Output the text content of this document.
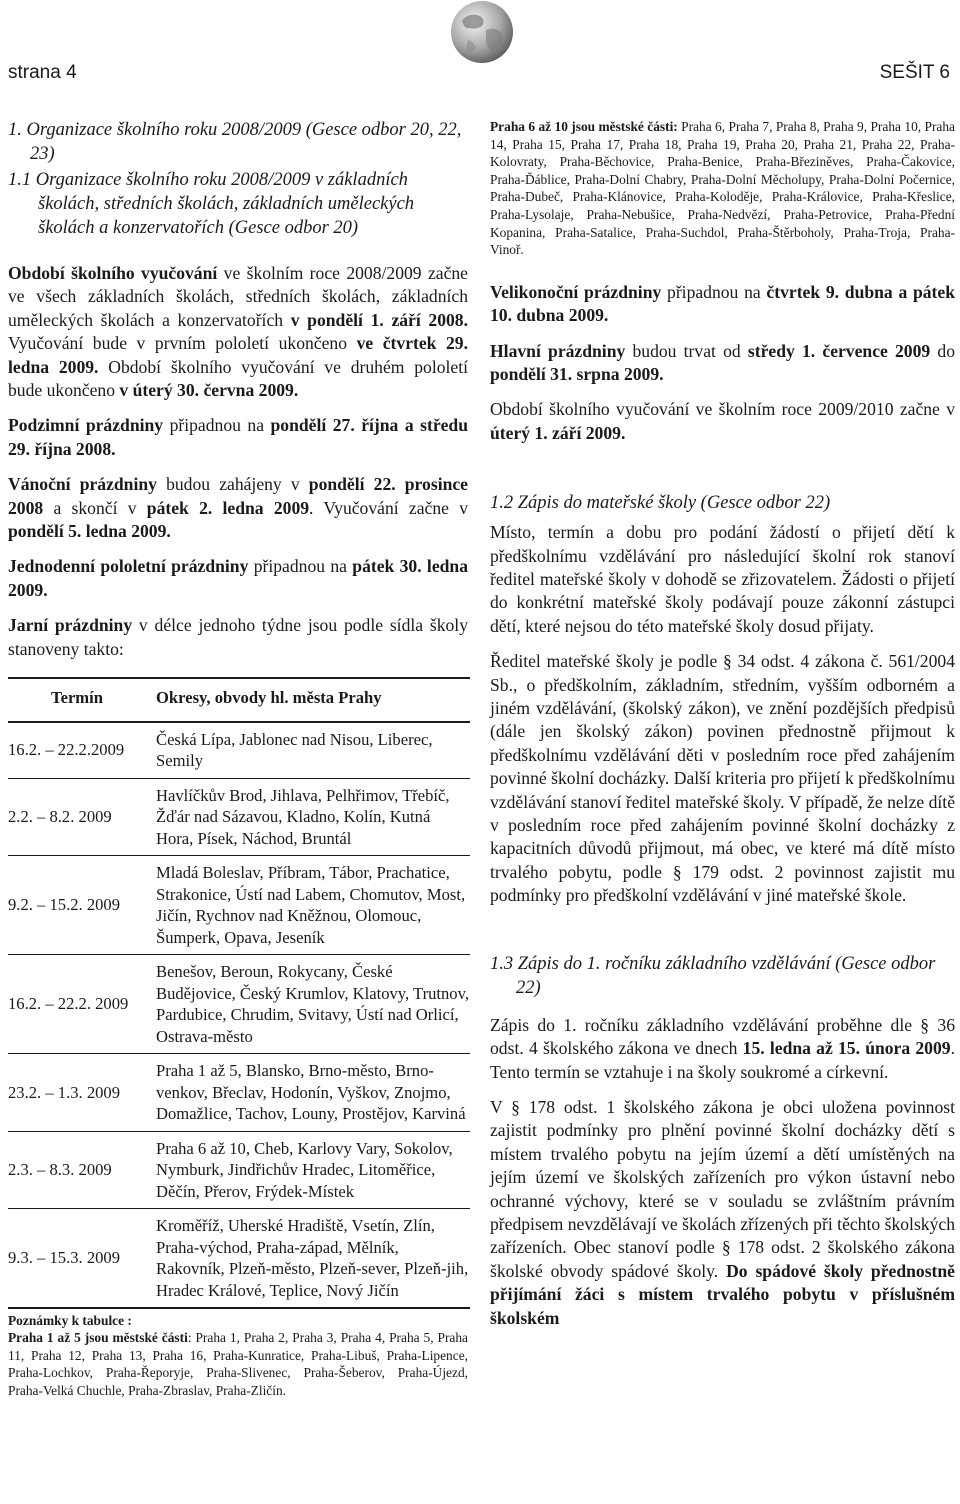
strana 4	SEŠIT 6

1. Organizace školního roku 2008/2009 (Gesce odbor 20, 22, 23)

1.1 Organizace školního roku 2008/2009 v základních školách, středních školách, základních uměleckých školách a konzervatořích (Gesce odbor 20)

Období školního vyučování ve školním roce 2008/2009 začne ve všech základních školách, středních školách, základních uměleckých školách a konzervatořích v pondělí 1. září 2008. Vyučování bude v prvním pololetí ukončeno ve čtvrtek 29. ledna 2009. Období školního vyučování ve druhém pololetí bude ukončeno v úterý 30. června 2009.

Podzimní prázdniny připadnou na pondělí 27. října a středu 29. října 2008.

Vánoční prázdniny budou zahájeny v pondělí 22. prosince 2008 a skončí v pátek 2. ledna 2009. Vyučování začne v pondělí 5. ledna 2009.

Jednodenní pololetní prázdniny připadnou na pátek 30. ledna 2009.

Jarní prázdniny v délce jednoho týdne jsou podle sídla školy stanoveny takto:

Termín	Okresy, obvody hl. města Prahy
16.2. – 22.2.2009	Česká Lípa, Jablonec nad Nisou, Liberec, Semily
2.2. – 8.2. 2009	Havlíčkův Brod, Jihlava, Pelhřimov, Třebíč, Žďár nad Sázavou, Kladno, Kolín, Kutná Hora, Písek, Náchod, Bruntál
9.2. – 15.2. 2009	Mladá Boleslav, Příbram, Tábor, Prachatice, Strakonice, Ústí nad Labem, Chomutov, Most, Jičín, Rychnov nad Kněžnou, Olomouc, Šumperk, Opava, Jeseník
16.2. – 22.2. 2009	Benešov, Beroun, Rokycany, České Budějovice, Český Krumlov, Klatovy, Trutnov, Pardubice, Chrudim, Svitavy, Ústí nad Orlicí, Ostrava-město
23.2. – 1.3. 2009	Praha 1 až 5, Blansko, Brno-město, Brno-venkov, Břeclav, Hodonín, Vyškov, Znojmo, Domažlice, Tachov, Louny, Prostějov, Karviná
2.3. – 8.3. 2009	Praha 6 až 10, Cheb, Karlovy Vary, Sokolov, Nymburk, Jindřichův Hradec, Litoměřice, Děčín, Přerov, Frýdek-Místek
9.3. – 15.3. 2009	Kroměříž, Uherské Hradiště, Vsetín, Zlín, Praha-východ, Praha-západ, Mělník, Rakovník, Plzeň-město, Plzeň-sever, Plzeň-jih, Hradec Králové, Teplice, Nový Jičín

Poznámky k tabulce :

Praha 1 až 5 jsou městské části: Praha 1, Praha 2, Praha 3, Praha 4, Praha 5, Praha 11, Praha 12, Praha 13, Praha 16, Praha-Kunratice, Praha-Libuš, Praha-Lipence, Praha-Lochkov, Praha-Řeporyje, Praha-Slivenec, Praha-Šeberov, Praha-Újezd, Praha-Velká Chuchle, Praha-Zbraslav, Praha-Zličín.

Praha 6 až 10 jsou městské části: Praha 6, Praha 7, Praha 8, Praha 9, Praha 10, Praha 14, Praha 15, Praha 17, Praha 18, Praha 19, Praha 20, Praha 21, Praha 22, Praha-Kolovraty, Praha-Běchovice, Praha-Benice, Praha-Březiněves, Praha-Čakovice, Praha-Ďáblice, Praha-Dolní Chabry, Praha-Dolní Měcholupy, Praha-Dolní Počernice, Praha-Dubeč, Praha-Klánovice, Praha-Koloděje, Praha-Královice, Praha-Křeslice, Praha-Lysolaje, Praha-Nebušice, Praha-Nedvězí, Praha-Petrovice, Praha-Přední Kopanina, Praha-Satalice, Praha-Suchdol, Praha-Štěrboholy, Praha-Troja, Praha-Vinoř.

Velikonoční prázdniny připadnou na čtvrtek 9. dubna a pátek 10. dubna 2009.

Hlavní prázdniny budou trvat od středy 1. července 2009 do pondělí 31. srpna 2009.

Období školního vyučování ve školním roce 2009/2010 začne v úterý 1. září 2009.

1.2 Zápis do mateřské školy (Gesce odbor 22)

Místo, termín a dobu pro podání žádostí o přijetí dětí k předškolnímu vzdělávání pro následující školní rok stanoví ředitel mateřské školy v dohodě se zřizovatelem. Žádosti o přijetí do konkrétní mateřské školy podávají pouze zákonní zástupci dětí, které nejsou do této mateřské školy dosud přijaty.

Ředitel mateřské školy je podle § 34 odst. 4 zákona č. 561/2004 Sb., o předškolním, základním, středním, vyšším odborném a jiném vzdělávání, (školský zákon), ve znění pozdějších předpisů (dále jen školský zákon) povinen přednostně přijmout k předškolnímu vzdělávání děti v posledním roce před zahájením povinné školní docházky. Další kriteria pro přijetí k předškolnímu vzdělávání stanoví ředitel mateřské školy. V případě, že nelze dítě v posledním roce před zahájením povinné školní docházky z kapacitních důvodů přijmout, má obec, ve které má dítě místo trvalého pobytu, podle § 179 odst. 2 povinnost zajistit mu podmínky pro předškolní vzdělávání v jiné mateřské škole.

1.3 Zápis do 1. ročníku základního vzdělávání (Gesce odbor 22)

Zápis do 1. ročníku základního vzdělávání proběhne dle § 36 odst. 4 školského zákona ve dnech 15. ledna až 15. února 2009. Tento termín se vztahuje i na školy soukromé a církevní.

V § 178 odst. 1 školského zákona je obci uložena povinnost zajistit podmínky pro plnění povinné školní docházky dětí s místem trvalého pobytu na jejím území a dětí umístěných na jejím území ve školských zařízeních pro výkon ústavní nebo ochranné výchovy, které se v souladu se zvláštním právním předpisem nevzdělávají ve školách zřízených při těchto školských zařízeních. Obec stanoví podle § 178 odst. 2 školského zákona školské obvody spádové školy. Do spádové školy přednostně přijímání žáci s místem trvalého pobytu v příslušném školském
